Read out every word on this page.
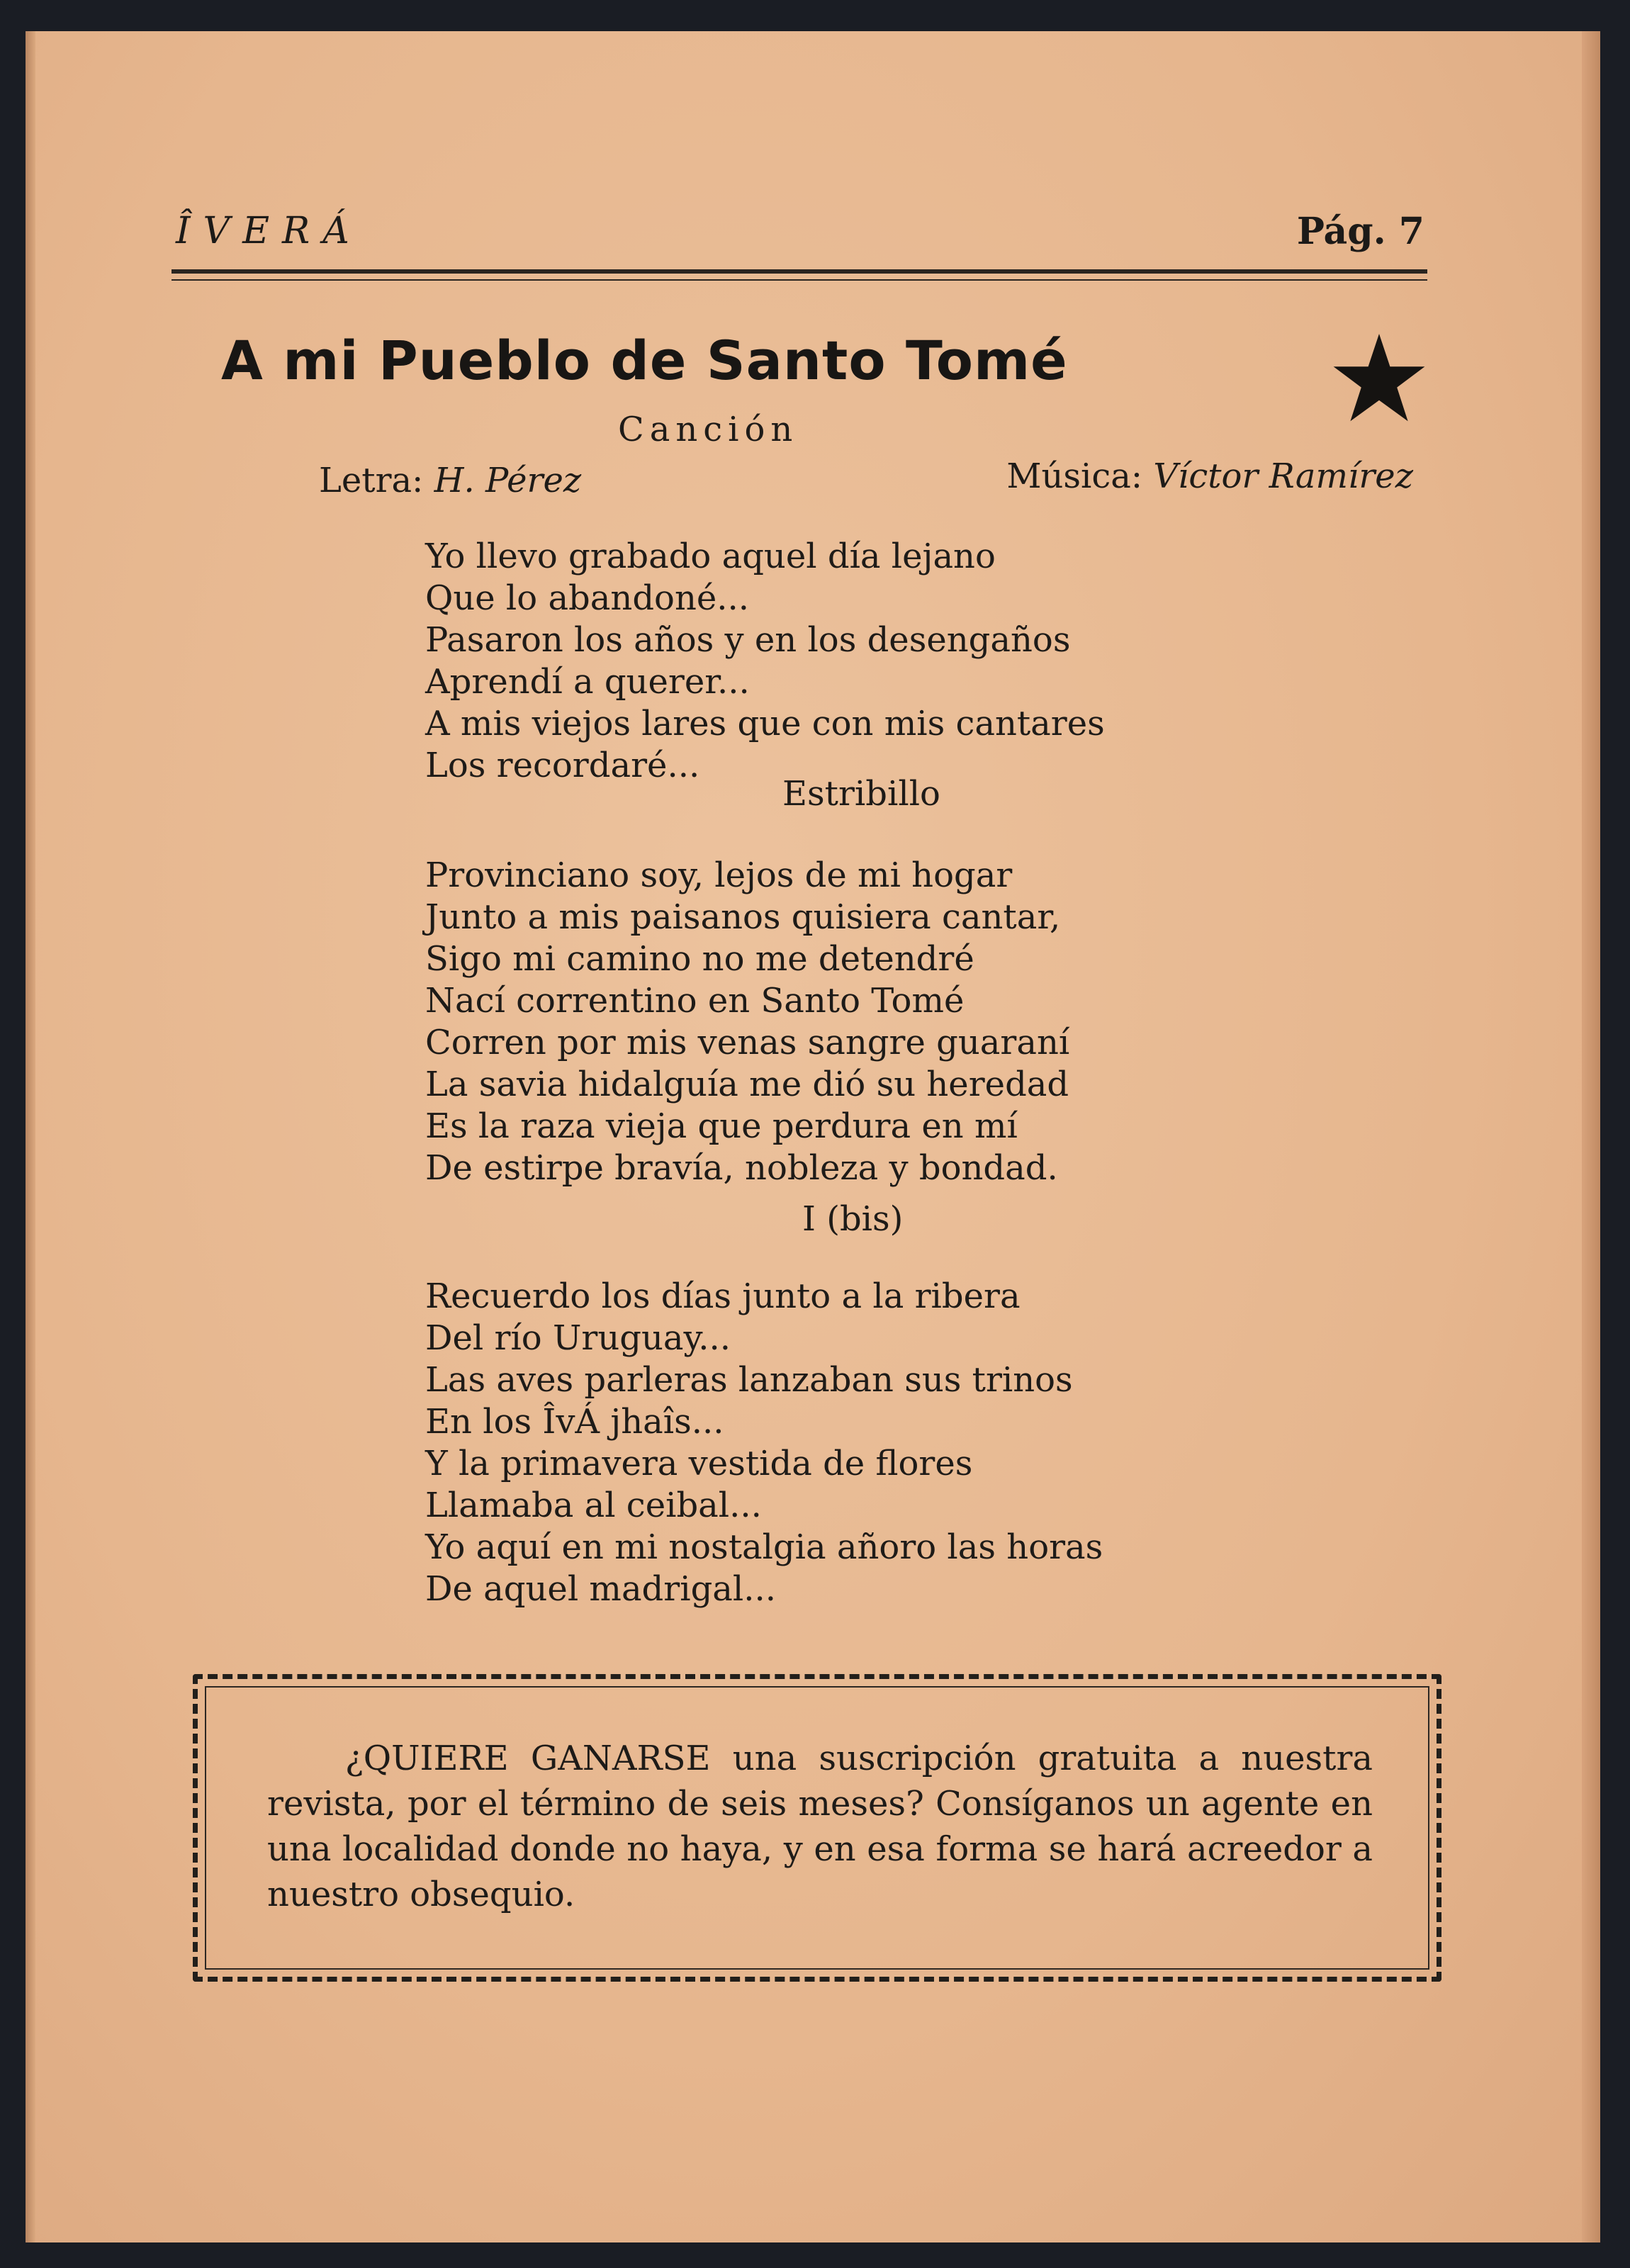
ÎVERÁ	Pág. 7
A mi Pueblo de Santo Tomé
Canción
Letra: H. Pérez	Música: Víctor Ramírez
Yo llevo grabado aquel día lejano
Que lo abandoné...
Pasaron los años y en los desengaños
Aprendí a querer...
A mis viejos lares que con mis cantares
Los recordaré...
Estribillo
Provinciano soy, lejos de mi hogar
Junto a mis paisanos quisiera cantar,
Sigo mi camino no me detendré
Nací correntino en Santo Tomé
Corren por mis venas sangre guaraní
La savia hidalguía me dió su heredad
Es la raza vieja que perdura en mí
De estirpe bravía, nobleza y bondad.
I (bis)
Recuerdo los días junto a la ribera
Del río Uruguay...
Las aves parleras lanzaban sus trinos
En los ÎvÁ jhaîs...
Y la primavera vestida de flores
Llamaba al ceibal...
Yo aquí en mi nostalgia añoro las horas
De aquel madrigal...
¿QUIERE GANARSE una suscripción gratuita a nuestra revista, por el término de seis meses? Consíganos un agente en una localidad donde no haya, y en esa forma se hará acreedor a nuestro obsequio.
